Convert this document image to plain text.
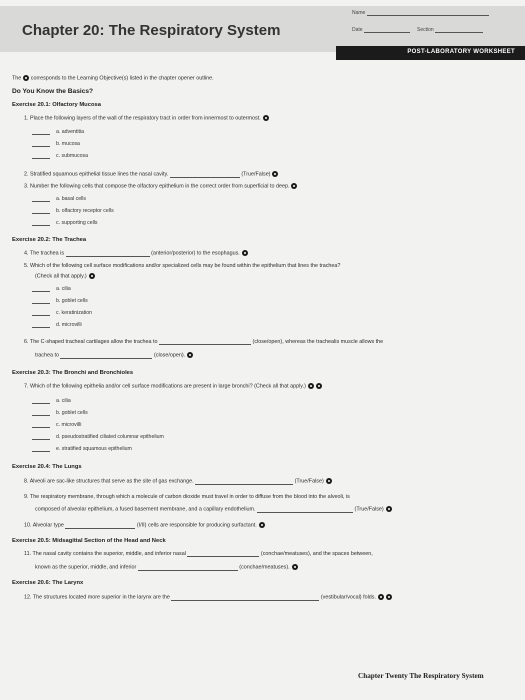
Chapter 20: The Respiratory System
Name
Date	Section
POST-LABORATORY WORKSHEET
The corresponds to the Learning Objective(s) listed in the chapter opener outline.
Do You Know the Basics?
Exercise 20.1: Olfactory Mucosa
1. Place the following layers of the wall of the respiratory tract in order from innermost to outermost.
a. adventitia
b. mucosa
c. submucosa
2. Stratified squamous epithelial tissue lines the nasal cavity.	(True/False)
3. Number the following cells that compose the olfactory epithelium in the correct order from superficial to deep.
a. basal cells
b. olfactory receptor cells
c. supporting cells
Exercise 20.2: The Trachea
4. The trachea is	(anterior/posterior) to the esophagus.
5. Which of the following cell surface modifications and/or specialized cells may be found within the epithelium that lines the trachea?
(Check all that apply.)
a. cilia
b. goblet cells
c. keratinization
d. microvilli
6. The C-shaped tracheal cartilages allow the trachea to	(close/open), whereas the trachealis muscle allows the
trachea to	(close/open).
Exercise 20.3: The Bronchi and Bronchioles
7. Which of the following epithelia and/or cell surface modifications are present in large bronchi? (Check all that apply.)
a. cilia
b. goblet cells
c. microvilli
d. pseudostratified ciliated columnar epithelium
e. stratified squamous epithelium
Exercise 20.4: The Lungs
8. Alveoli are sac-like structures that serve as the site of gas exchange.	(True/False)
9. The respiratory membrane, through which a molecule of carbon dioxide must travel in order to diffuse from the blood into the alveoli, is
composed of alveolar epithelium, a fused basement membrane, and a capillary endothelium.	(True/False)
10. Alveolar type	(I/II) cells are responsible for producing surfactant.
Exercise 20.5: Midsagittal Section of the Head and Neck
11. The nasal cavity contains the superior, middle, and inferior nasal	(conchae/meatuses), and the spaces between,
known as the superior, middle, and inferior	(conchae/meatuses).
Exercise 20.6: The Larynx
12. The structures located more superior in the larynx are the	(vestibular/vocal) folds.
Chapter Twenty The Respiratory System
